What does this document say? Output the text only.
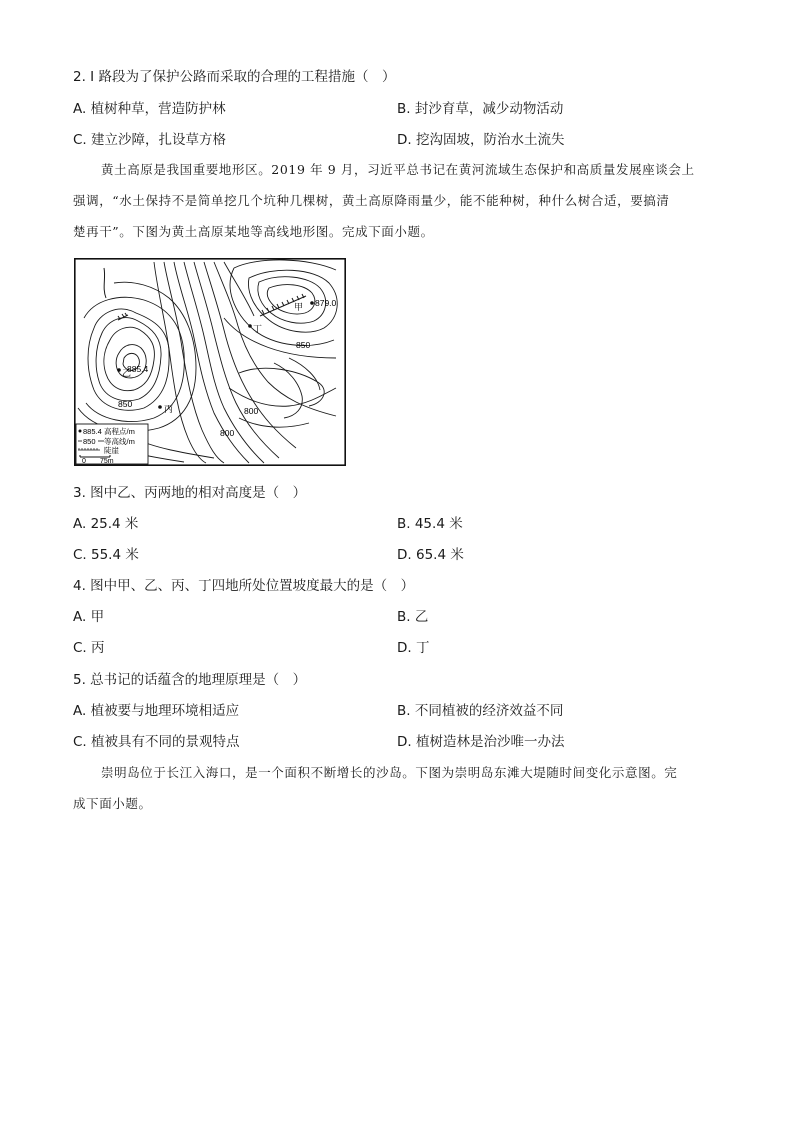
2. I 路段为了保护公路而采取的合理的工程措施（　）
A. 植树种草，营造防护林	B. 封沙育草，减少动物活动
C. 建立沙障，扎设草方格	D. 挖沟固坡，防治水土流失
黄土高原是我国重要地形区。2019 年 9 月，习近平总书记在黄河流域生态保护和高质量发展座谈会上
强调，“水土保持不是简单挖几个坑种几棵树，黄土高原降雨量少，能不能种树，种什么树合适，要搞清
楚再干”。下图为黄土高原某地等高线地形图。完成下面小题。
甲 879.0
乙
885.4
丙
丁
850
850
800
800
885.4 高程点/m
850 等高线/m
陡崖
0 75m
3. 图中乙、丙两地的相对高度是（　）
A. 25.4 米	B. 45.4 米
C. 55.4 米	D. 65.4 米
4. 图中甲、乙、丙、丁四地所处位置坡度最大的是（　）
A. 甲	B. 乙
C. 丙	D. 丁
5. 总书记的话蕴含的地理原理是（　）
A. 植被要与地理环境相适应	B. 不同植被的经济效益不同
C. 植被具有不同的景观特点	D. 植树造林是治沙唯一办法
崇明岛位于长江入海口，是一个面积不断增长的沙岛。下图为崇明岛东滩大堤随时间变化示意图。完
成下面小题。
